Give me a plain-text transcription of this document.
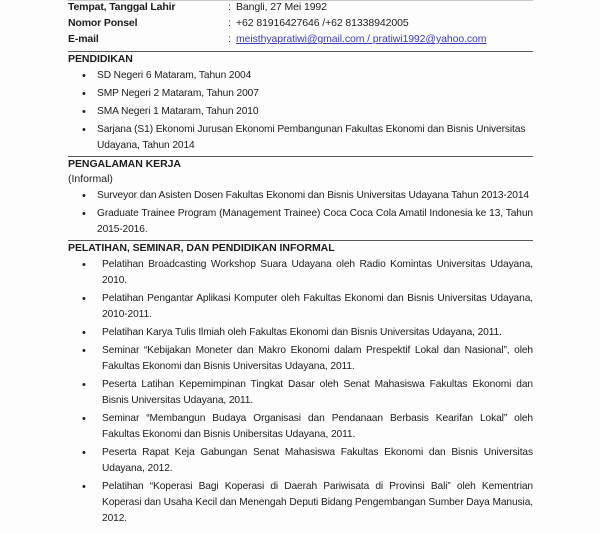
Tempat, Tanggal Lahir	:	Bangli, 27 Mei 1992
Nomor Ponsel	:	+62 81916427646 /+62 81338942005
E-mail	:	meisthyapratiwi@gmail.com / pratiwi1992@yahoo.com
PENDIDIKAN
• SD Negeri 6 Mataram, Tahun 2004
• SMP Negeri 2 Mataram, Tahun 2007
• SMA Negeri 1 Mataram, Tahun 2010
• Sarjana (S1) Ekonomi Jurusan Ekonomi Pembangunan Fakultas Ekonomi dan Bisnis Universitas Udayana, Tahun 2014
PENGALAMAN KERJA
(Informal)
• Surveyor dan Asisten Dosen Fakultas Ekonomi dan Bisnis Universitas Udayana Tahun 2013-2014
• Graduate Trainee Program (Management Trainee) Coca Coca Cola Amatil Indonesia ke 13, Tahun 2015-2016.
PELATIHAN, SEMINAR, DAN PENDIDIKAN INFORMAL
• Pelatihan Broadcasting Workshop Suara Udayana oleh Radio Komintas Universitas Udayana, 2010.
• Pelatihan Pengantar Aplikasi Komputer oleh Fakultas Ekonomi dan Bisnis Universitas Udayana, 2010-2011.
• Pelatihan Karya Tulis Ilmiah oleh Fakultas Ekonomi dan Bisnis Universitas Udayana, 2011.
• Seminar “Kebijakan Moneter dan Makro Ekonomi dalam Prespektif Lokal dan Nasional”, oleh Fakultas Ekonomi dan Bisnis Universitas Udayana, 2011.
• Peserta Latihan Kepemimpinan Tingkat Dasar oleh Senat Mahasiswa Fakultas Ekonomi dan Bisnis Universitas Udayana, 2011.
• Seminar “Membangun Budaya Organisasi dan Pendanaan Berbasis Kearifan Lokal” oleh Fakultas Ekonomi dan Bisnis Unibersitas Udayana, 2011.
• Peserta Rapat Keja Gabungan Senat Mahasiswa Fakultas Ekonomi dan Bisnis Universitas Udayana, 2012.
• Pelatihan “Koperasi Bagi Koperasi di Daerah Pariwisata di Provinsi Bali” oleh Kementrian Koperasi dan Usaha Kecil dan Menengah Deputi Bidang Pengembangan Sumber Daya Manusia, 2012.
